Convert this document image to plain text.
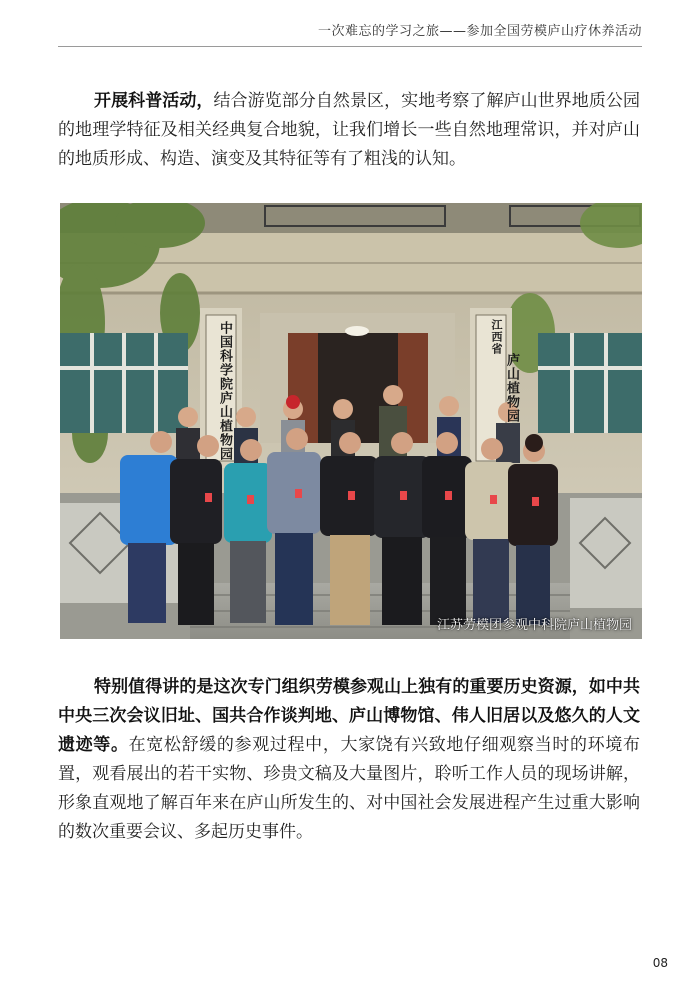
一次难忘的学习之旅——参加全国劳模庐山疗休养活动

开展科普活动，结合游览部分自然景区，实地考察了解庐山世界地质公园的地理学特征及相关经典复合地貌，让我们增长一些自然地理常识，并对庐山的地质形成、构造、演变及其特征等有了粗浅的认知。

中国科学院庐山植物园	江西省
庐山植物园
江苏劳模团参观中科院庐山植物园

特别值得讲的是这次专门组织劳模参观山上独有的重要历史资源，如中共中央三次会议旧址、国共合作谈判地、庐山博物馆、伟人旧居以及悠久的人文遗迹等。在宽松舒缓的参观过程中，大家饶有兴致地仔细观察当时的环境布置，观看展出的若干实物、珍贵文稿及大量图片，聆听工作人员的现场讲解，形象直观地了解百年来在庐山所发生的、对中国社会发展进程产生过重大影响的数次重要会议、多起历史事件。

08
